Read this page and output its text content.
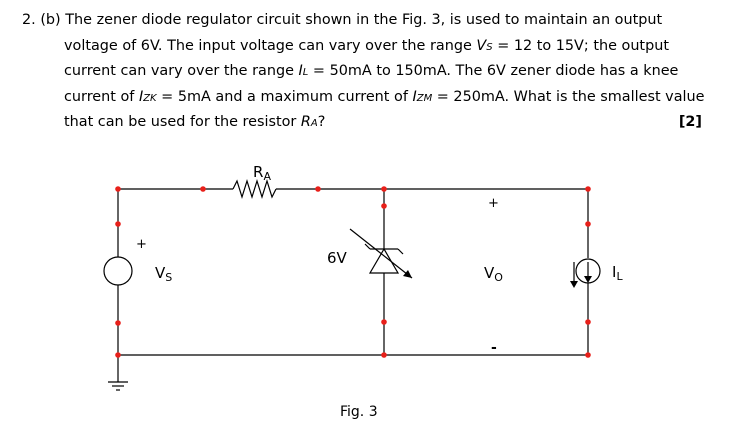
2. (b) The zener diode regulator circuit shown in the Fig. 3, is used to maintain an output
voltage of 6V. The input voltage can vary over the range VS = 12 to 15V; the output
current can vary over the range IL = 50mA to 150mA. The 6V zener diode has a knee
current of IZK = 5mA and a maximum current of IZM = 250mA. What is the smallest value
that can be used for the resistor RA?	[2]
$R_A$
+
$V_S$
6V
+
$V_O$
-
$I_L$
Fig. 3
